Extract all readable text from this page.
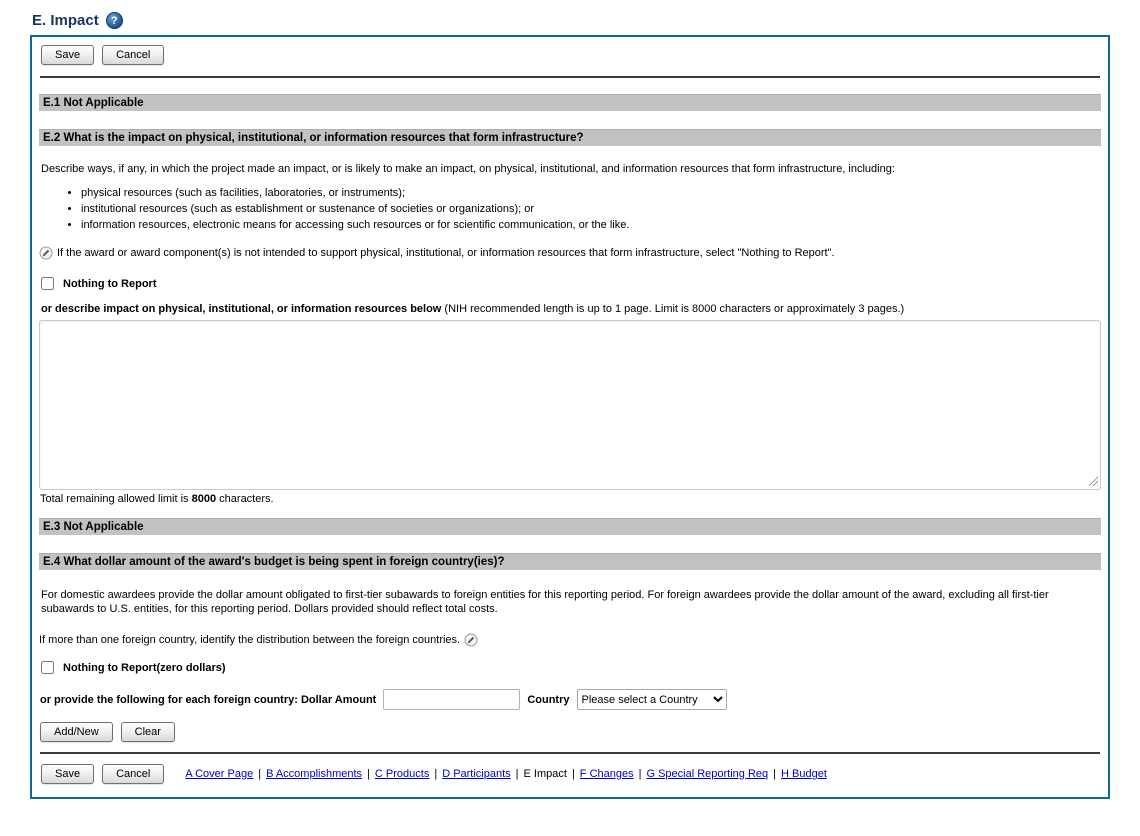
E. Impact	?
Save	Cancel
E.1 Not Applicable
E.2 What is the impact on physical, institutional, or information resources that form infrastructure?
Describe ways, if any, in which the project made an impact, or is likely to make an impact, on physical, institutional, and information resources that form infrastructure, including:
• physical resources (such as facilities, laboratories, or instruments);
• institutional resources (such as establishment or sustenance of societies or organizations); or
• information resources, electronic means for accessing such resources or for scientific communication, or the like.
If the award or award component(s) is not intended to support physical, institutional, or information resources that form infrastructure, select "Nothing to Report".
Nothing to Report
or describe impact on physical, institutional, or information resources below (NIH recommended length is up to 1 page. Limit is 8000 characters or approximately 3 pages.)
Total remaining allowed limit is 8000 characters.
E.3 Not Applicable
E.4 What dollar amount of the award's budget is being spent in foreign country(ies)?
For domestic awardees provide the dollar amount obligated to first-tier subawards to foreign entities for this reporting period. For foreign awardees provide the dollar amount of the award, excluding all first-tier subawards to U.S. entities, for this reporting period. Dollars provided should reflect total costs.
If more than one foreign country, identify the distribution between the foreign countries.
Nothing to Report(zero dollars)
or provide the following for each foreign country: Dollar Amount	Country
Please select a Country
Add/New	Clear
Save	Cancel	A Cover Page | B Accomplishments | C Products | D Participants | E Impact | F Changes | G Special Reporting Req | H Budget
